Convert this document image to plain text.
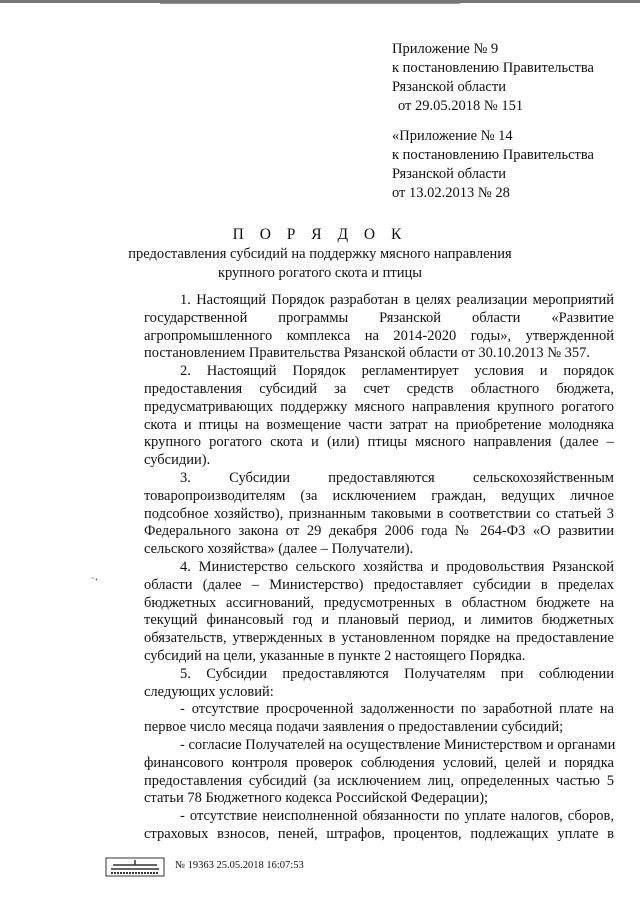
Приложение № 9
к постановлению Правительства
Рязанской области
от 29.05.2018 № 151
«Приложение № 14
к постановлению Правительства
Рязанской области
от 13.02.2013 № 28
П О Р Я Д О К
предоставления субсидий на поддержку мясного направления
крупного рогатого скота и птицы
1. Настоящий Порядок разработан в целях реализации мероприятий
государственной программы Рязанской области «Развитие
агропромышленного комплекса на 2014-2020 годы», утвержденной
постановлением Правительства Рязанской области от 30.10.2013 № 357.
2. Настоящий Порядок регламентирует условия и порядок
предоставления субсидий за счет средств областного бюджета,
предусматривающих поддержку мясного направления крупного рогатого
скота и птицы на возмещение части затрат на приобретение молодняка
крупного рогатого скота и (или) птицы мясного направления (далее –
субсидии).
3. Субсидии предоставляются сельскохозяйственным
товаропроизводителям (за исключением граждан, ведущих личное
подсобное хозяйство), признанным таковыми в соответствии со статьей 3
Федерального закона от 29 декабря 2006 года № 264-ФЗ «О развитии
сельского хозяйства» (далее – Получатели).
4. Министерство сельского хозяйства и продовольствия Рязанской
области (далее – Министерство) предоставляет субсидии в пределах
бюджетных ассигнований, предусмотренных в областном бюджете на
текущий финансовый год и плановый период, и лимитов бюджетных
обязательств, утвержденных в установленном порядке на предоставление
субсидий на цели, указанные в пункте 2 настоящего Порядка.
5. Субсидии предоставляются Получателям при соблюдении
следующих условий:
- отсутствие просроченной задолженности по заработной плате на
первое число месяца подачи заявления о предоставлении субсидий;
- согласие Получателей на осуществление Министерством и органами
финансового контроля проверок соблюдения условий, целей и порядка
предоставления субсидий (за исключением лиц, определенных частью 5
статьи 78 Бюджетного кодекса Российской Федерации);
- отсутствие неисполненной обязанности по уплате налогов, сборов,
страховых взносов, пеней, штрафов, процентов, подлежащих уплате в
`‘
№ 19363 25.05.2018 16:07:53
